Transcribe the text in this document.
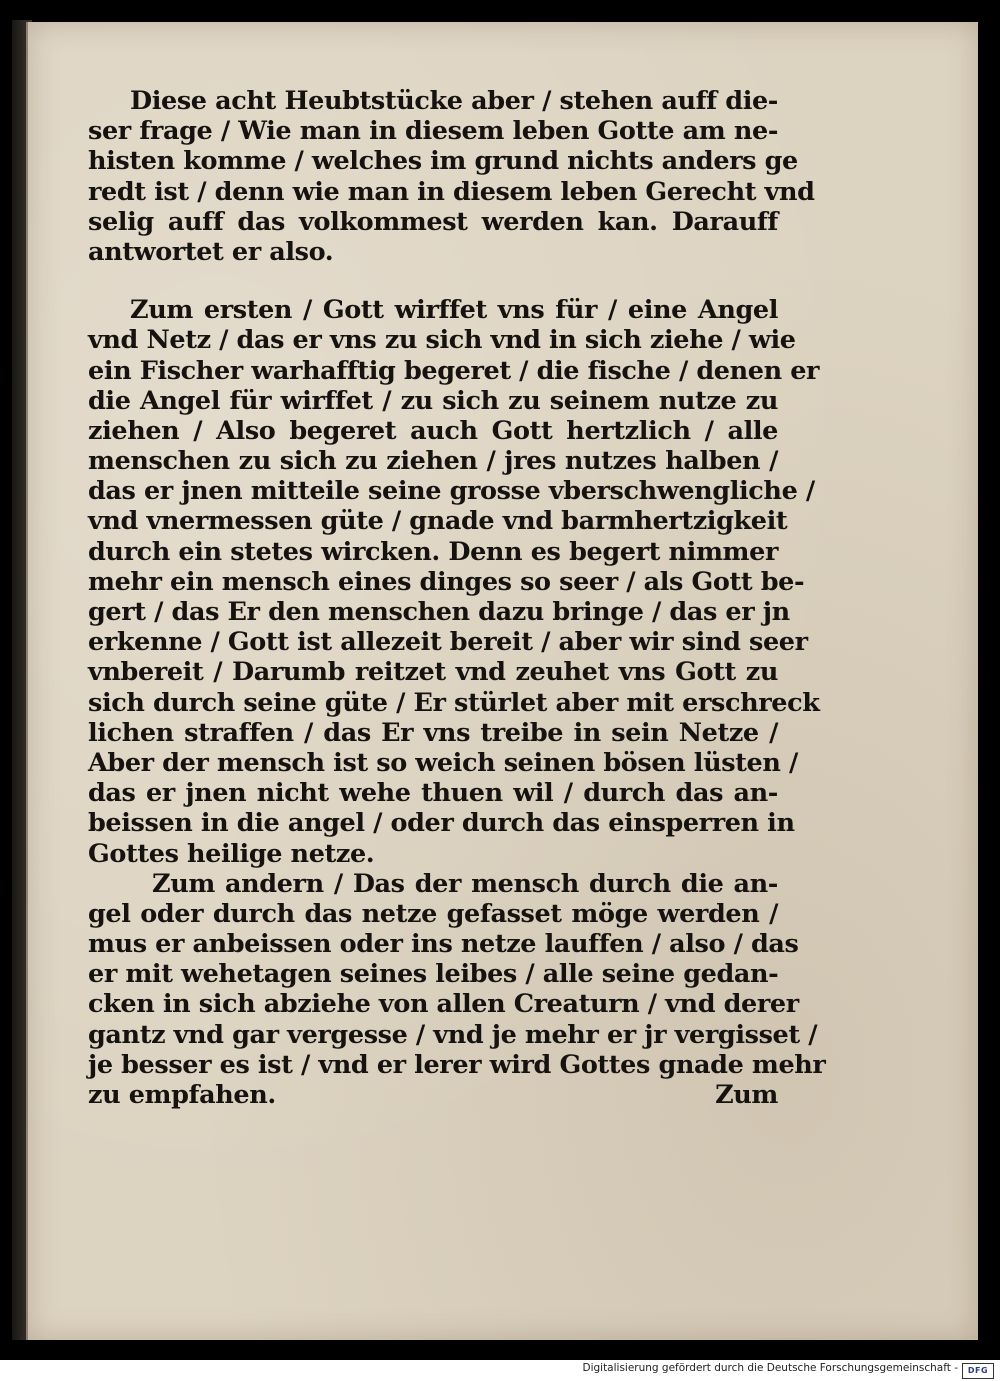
Diese acht Heubtstücke aber / stehen auff die-
ser frage / Wie man in diesem leben Gotte am ne-
histen komme / welches im grund nichts anders ge
redt ist / denn wie man in diesem leben Gerecht vnd
selig auff das volkommest werden kan. Darauff
antwortet er also.
Zum ersten / Gott wirffet vns für / eine Angel
vnd Netz / das er vns zu sich vnd in sich ziehe / wie
ein Fischer warhafftig begeret / die fische / denen er
die Angel für wirffet / zu sich zu seinem nutze zu
ziehen / Also begeret auch Gott hertzlich / alle
menschen zu sich zu ziehen / jres nutzes halben /
das er jnen mitteile seine grosse vberschwengliche /
vnd vnermessen güte / gnade vnd barmhertzigkeit
durch ein stetes wircken. Denn es begert nimmer
mehr ein mensch eines dinges so seer / als Gott be-
gert / das Er den menschen dazu bringe / das er jn
erkenne / Gott ist allezeit bereit / aber wir sind seer
vnbereit / Darumb reitzet vnd zeuhet vns Gott zu
sich durch seine güte / Er stürlet aber mit erschreck
lichen straffen / das Er vns treibe in sein Netze /
Aber der mensch ist so weich seinen bösen lüsten /
das er jnen nicht wehe thuen wil / durch das an-
beissen in die angel / oder durch das einsperren in
Gottes heilige netze.
Zum andern / Das der mensch durch die an-
gel oder durch das netze gefasset möge werden /
mus er anbeissen oder ins netze lauffen / also / das
er mit wehetagen seines leibes / alle seine gedan-
cken in sich abziehe von allen Creaturn / vnd derer
gantz vnd gar vergesse / vnd je mehr er jr vergisset /
je besser es ist / vnd er lerer wird Gottes gnade mehr
zu empfahen.	Zum
Digitalisierung gefördert durch die Deutsche Forschungsgemeinschaft -	DFG
